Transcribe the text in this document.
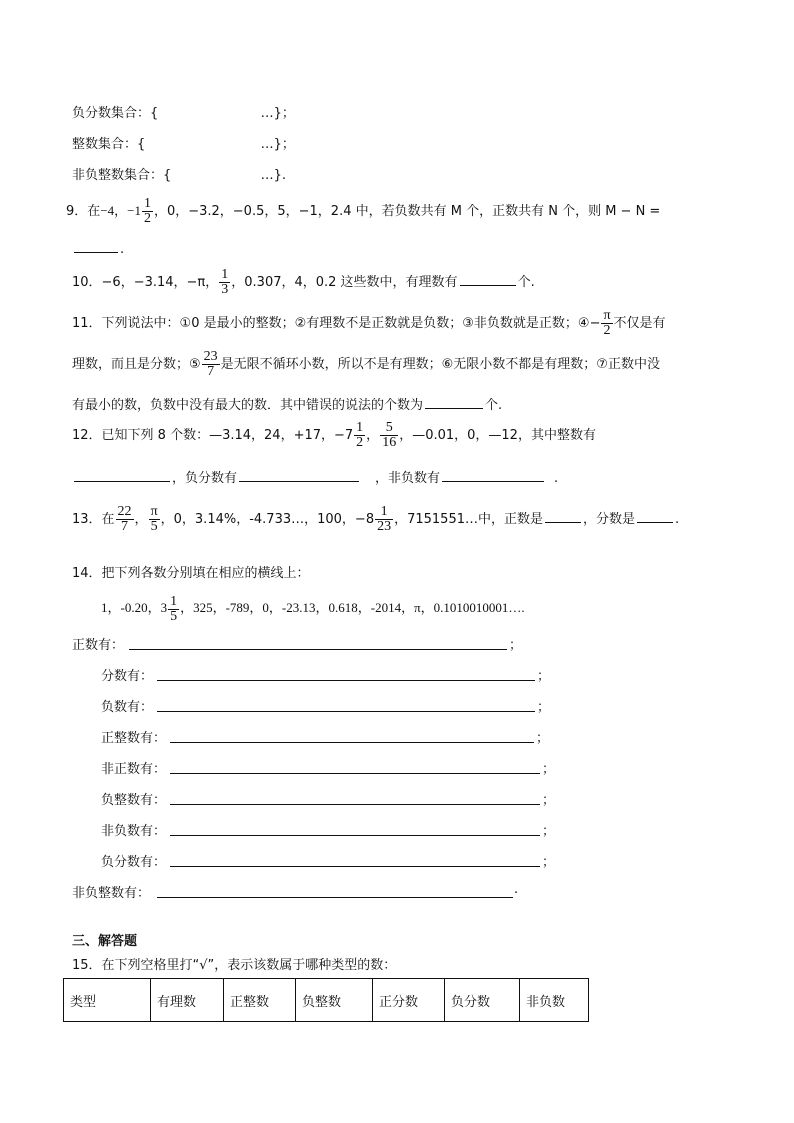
负分数集合：{	…}；
整数集合：{	…}；
非负整数集合：{	…}.
9．在−4，$-1 \frac{1}{2}$ ，0，−3.2，−0.5，5，−1，2.4 中，若负数共有 M 个，正数共有 N 个，则 M − N =
.
10．−6，−3.14，−π， $\frac{1}{3}$ ，0.307，4，0.2 这些数中，有理数有	个.
11．下列说法中：①0 是最小的整数；②有理数不是正数就是负数；③非负数就是正数；④− $\frac{\pi}{2}$ 不仅是有
理数，而且是分数；⑤ $\frac{23}{7}$ 是无限不循环小数，所以不是有理数；⑥无限小数不都是有理数；⑦正数中没
有最小的数，负数中没有最大的数．其中错误的说法的个数为	个.
12．已知下列 8 个数：—3.14，24，+17，$-7 \frac{1}{2}$ ， $\frac{5}{16}$ ，—0.01，0，—12，其中整数有
，负分数有	，非负数有	.
13．在 $\frac{22}{7}$ ， $\frac{\pi}{5}$ ，0，3.14%，-4.733…，100，$-8 \frac{1}{23}$ ，7151551…中，正数是	，分数是	.
14．把下列各数分别填在相应的横线上：
1，-0.20，$3 \frac{1}{5}$ ，325，-789，0，-23.13，0.618，-2014，π，0.1010010001….
正数有：	；
分数有：	；
负数有：	；
正整数有：	；
非正数有：	；
负整数有：	；
非负数有：	；
负分数有：	；
非负整数有：	.
三、解答题
15．在下列空格里打“√”，表示该数属于哪种类型的数：
类型	有理数	正整数	负整数	正分数	负分数	非负数
